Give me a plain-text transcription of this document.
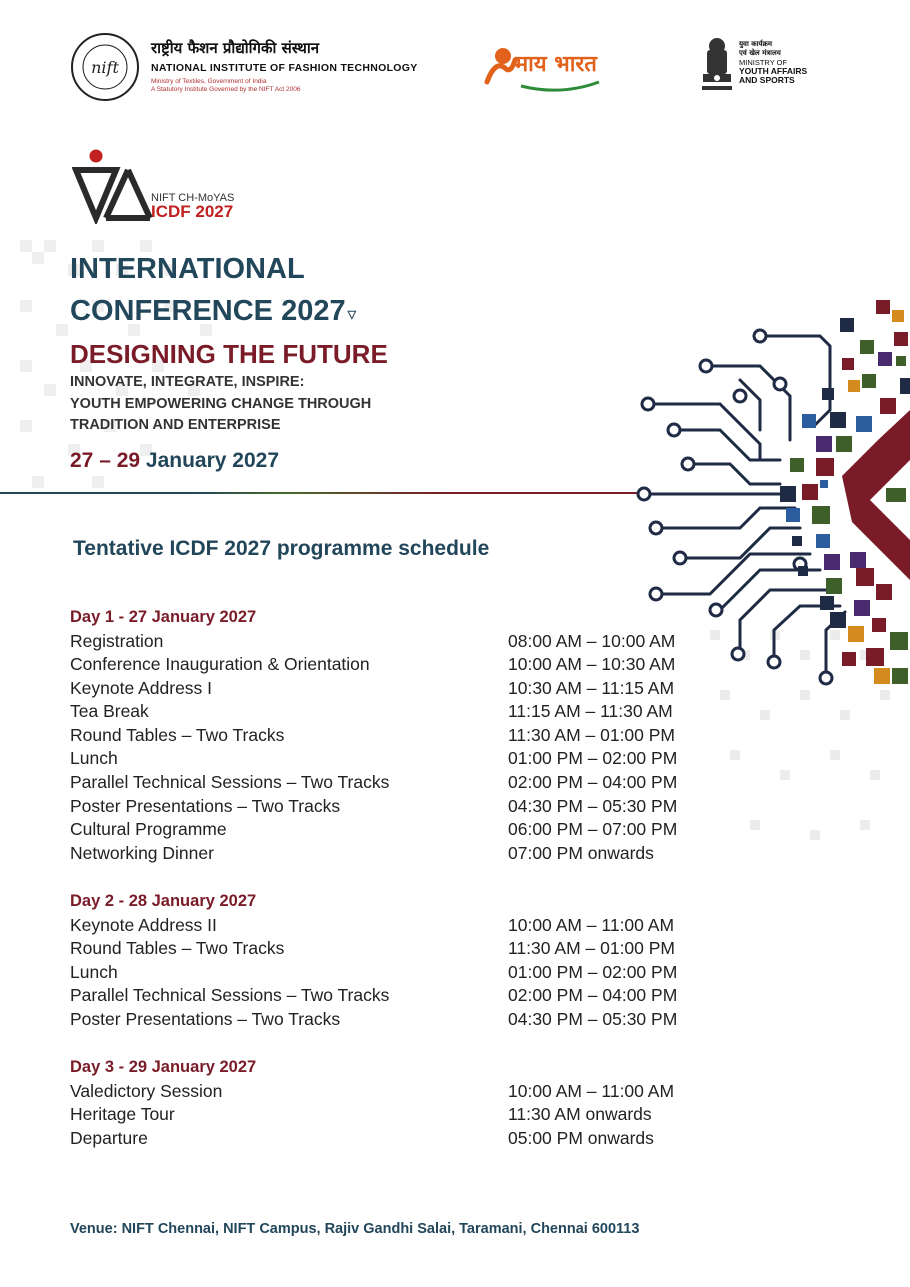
nift
राष्ट्रीय फैशन प्रौद्योगिकी संस्थान
NATIONAL INSTITUTE OF FASHION TECHNOLOGY
Ministry of Textiles, Government of India
A Statutory Institute Governed by the NIFT Act 2006
माय भारत
युवा कार्यक्रम
एवं खेल मंत्रालय
MINISTRY OF
YOUTH AFFAIRS
AND SPORTS
NIFT CH-MoYAS
ICDF 2027
INTERNATIONAL
CONFERENCE 2027 ▽
DESIGNING THE FUTURE
INNOVATE, INTEGRATE, INSPIRE:
YOUTH EMPOWERING CHANGE THROUGH
TRADITION AND ENTERPRISE
27 – 29 January 2027
Tentative ICDF 2027 programme schedule
Day 1 - 27 January 2027
Registration	08:00 AM – 10:00 AM
Conference Inauguration & Orientation	10:00 AM – 10:30 AM
Keynote Address I	10:30 AM – 11:15 AM
Tea Break	11:15 AM – 11:30 AM
Round Tables – Two Tracks	11:30 AM – 01:00 PM
Lunch	01:00 PM – 02:00 PM
Parallel Technical Sessions – Two Tracks	02:00 PM – 04:00 PM
Poster Presentations – Two Tracks	04:30 PM – 05:30 PM
Cultural Programme	06:00 PM – 07:00 PM
Networking Dinner	07:00 PM onwards
Day 2 - 28 January 2027
Keynote Address II	10:00 AM – 11:00 AM
Round Tables – Two Tracks	11:30 AM – 01:00 PM
Lunch	01:00 PM – 02:00 PM
Parallel Technical Sessions – Two Tracks	02:00 PM – 04:00 PM
Poster Presentations – Two Tracks	04:30 PM – 05:30 PM
Day 3 - 29 January 2027
Valedictory Session	10:00 AM – 11:00 AM
Heritage Tour	11:30 AM onwards
Departure	05:00 PM onwards
Venue: NIFT Chennai, NIFT Campus, Rajiv Gandhi Salai, Taramani, Chennai 600113
